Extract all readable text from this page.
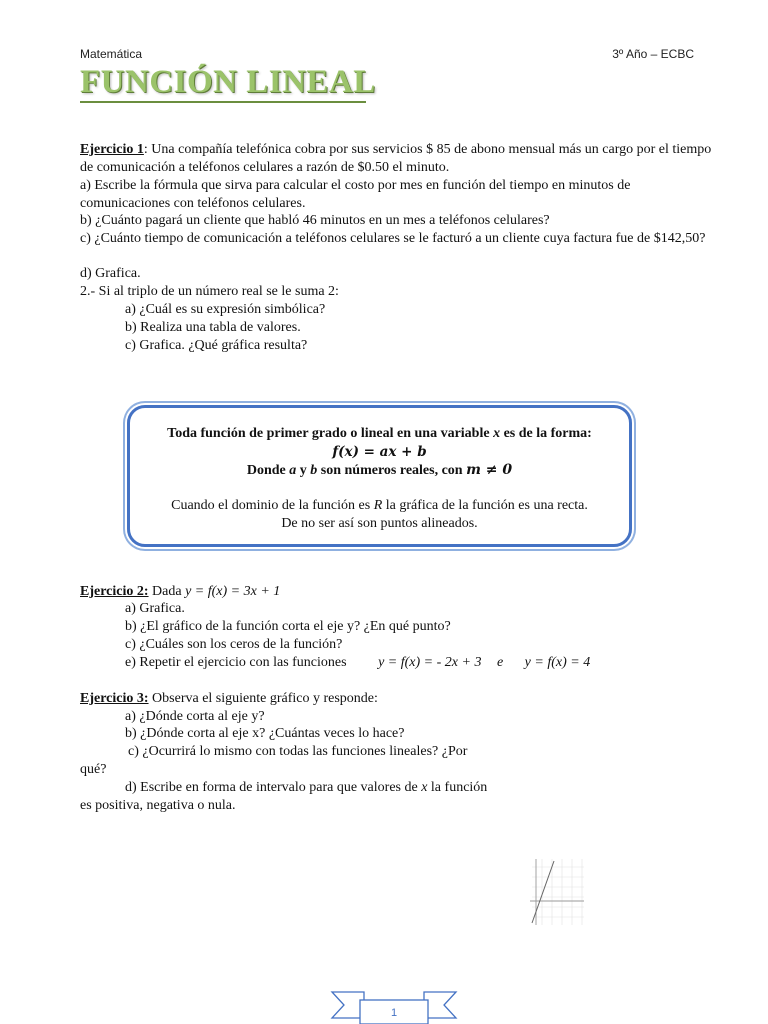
Matemática	3º Año – ECBC
FUNCIÓN LINEAL
Ejercicio 1: Una compañía telefónica cobra por sus servicios $ 85 de abono mensual más un cargo por el tiempo de comunicación a teléfonos celulares a razón de $0.50 el minuto.
a) Escribe la fórmula que sirva para calcular el costo por mes en función del tiempo en minutos de comunicaciones con teléfonos celulares.
b) ¿Cuánto pagará un cliente que habló 46 minutos en un mes a teléfonos celulares?
c) ¿Cuánto tiempo de comunicación a teléfonos celulares se le facturó a un cliente cuya factura fue de $142,50?
d) Grafica.
2.- Si al triplo de un número real se le suma 2:
a) ¿Cuál es su expresión simbólica?
b) Realiza una tabla de valores.
c) Grafica. ¿Qué gráfica resulta?
Toda función de primer grado o lineal en una variable x es de la forma:
f(x) = ax + b
Donde a y b son números reales, con m ≠ 0
Cuando el dominio de la función es R la gráfica de la función es una recta.
De no ser así son puntos alineados.
Ejercicio 2: Dada y = f(x) = 3x + 1
a) Grafica.
b) ¿El gráfico de la función corta el eje y? ¿En qué punto?
c) ¿Cuáles son los ceros de la función?
e) Repetir el ejercicio con las funciones y = f(x) = - 2x + 3 e y = f(x) = 4
Ejercicio 3: Observa el siguiente gráfico y responde:
a) ¿Dónde corta al eje y?
b) ¿Dónde corta al eje x? ¿Cuántas veces lo hace?
c) ¿Ocurrirá lo mismo con todas las funciones lineales? ¿Por
qué?
d) Escribe en forma de intervalo para que valores de x la función
es positiva, negativa o nula.
1
